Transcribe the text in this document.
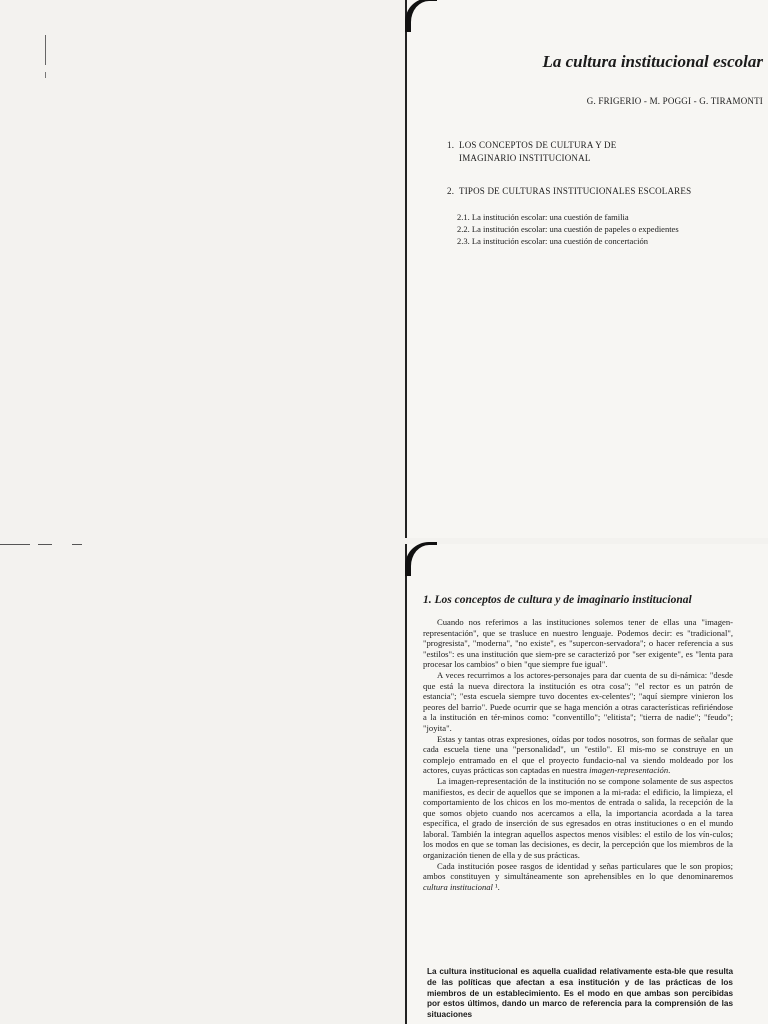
La cultura institucional escolar
G. FRIGERIO - M. POGGI - G. TIRAMONTI
1. LOS CONCEPTOS DE CULTURA Y DE
IMAGINARIO INSTITUCIONAL
2. TIPOS DE CULTURAS INSTITUCIONALES ESCOLARES
2.1. La institución escolar: una cuestión de familia
2.2. La institución escolar: una cuestión de papeles o expedientes
2.3. La institución escolar: una cuestión de concertación
1. Los conceptos de cultura y de imaginario institucional

Cuando nos referimos a las instituciones solemos tener de ellas una "imagen-representación", que se trasluce en nuestro lenguaje. Podemos decir: es "tradicional", "progresista", "moderna", "no existe", es "supercon-servadora"; o hacer referencia a sus "estilos": es una institución que siem-pre se caracterizó por "ser exigente", es "lenta para procesar los cambios" o bien "que siempre fue igual".

A veces recurrimos a los actores-personajes para dar cuenta de su di-námica: "desde que está la nueva directora la institución es otra cosa"; "el rector es un patrón de estancia"; "esta escuela siempre tuvo docentes ex-celentes"; "aquí siempre vinieron los peores del barrio". Puede ocurrir que se haga mención a otras características refiriéndose a la institución en tér-minos como: "conventillo"; "elitista"; "tierra de nadie"; "feudo"; "joyita".

Estas y tantas otras expresiones, oídas por todos nosotros, son formas de señalar que cada escuela tiene una "personalidad", un "estilo". El mis-mo se construye en un complejo entramado en el que el proyecto fundacio-nal va siendo moldeado por los actores, cuyas prácticas son captadas en nuestra imagen-representación.

La imagen-representación de la institución no se compone solamente de sus aspectos manifiestos, es decir de aquellos que se imponen a la mi-rada: el edificio, la limpieza, el comportamiento de los chicos en los mo-mentos de entrada o salida, la recepción de la que somos objeto cuando nos acercamos a ella, la importancia acordada a la tarea específica, el grado de inserción de sus egresados en otras instituciones o en el mundo laboral. También la integran aquellos aspectos menos visibles: el estilo de los vín-culos; los modos en que se toman las decisiones, es decir, la percepción que los miembros de la organización tienen de ella y de sus prácticas.

Cada institución posee rasgos de identidad y señas particulares que le son propios; ambos constituyen y simultáneamente son aprehensibles en lo que denominaremos cultura institucional ¹.

La cultura institucional es aquella cualidad relativamente esta-ble que resulta de las políticas que afectan a esa institución y de las prácticas de los miembros de un establecimiento. Es el modo en que ambas son percibidas por estos últimos, dando un marco de referencia para la comprensión de las situaciones
